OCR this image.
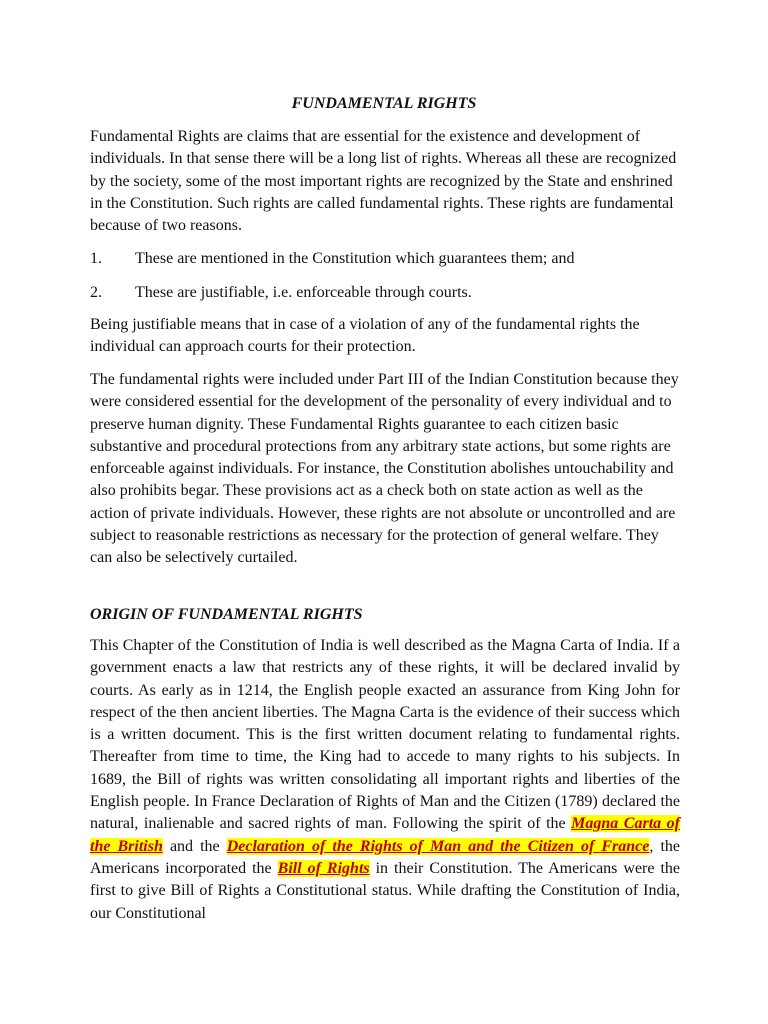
FUNDAMENTAL RIGHTS

Fundamental Rights are claims that are essential for the existence and development of individuals. In that sense there will be a long list of rights. Whereas all these are recognized by the society, some of the most important rights are recognized by the State and enshrined in the Constitution. Such rights are called fundamental rights. These rights are fundamental because of two reasons.

1. These are mentioned in the Constitution which guarantees them; and
2. These are justifiable, i.e. enforceable through courts.

Being justifiable means that in case of a violation of any of the fundamental rights the individual can approach courts for their protection.

The fundamental rights were included under Part III of the Indian Constitution because they were considered essential for the development of the personality of every individual and to preserve human dignity. These Fundamental Rights guarantee to each citizen basic substantive and procedural protections from any arbitrary state actions, but some rights are enforceable against individuals. For instance, the Constitution abolishes untouchability and also prohibits begar. These provisions act as a check both on state action as well as the action of private individuals. However, these rights are not absolute or uncontrolled and are subject to reasonable restrictions as necessary for the protection of general welfare. They can also be selectively curtailed.

ORIGIN OF FUNDAMENTAL RIGHTS

This Chapter of the Constitution of India is well described as the Magna Carta of India. If a government enacts a law that restricts any of these rights, it will be declared invalid by courts. As early as in 1214, the English people exacted an assurance from King John for respect of the then ancient liberties. The Magna Carta is the evidence of their success which is a written document. This is the first written document relating to fundamental rights. Thereafter from time to time, the King had to accede to many rights to his subjects. In 1689, the Bill of rights was written consolidating all important rights and liberties of the English people. In France Declaration of Rights of Man and the Citizen (1789) declared the natural, inalienable and sacred rights of man. Following the spirit of the Magna Carta of the British and the Declaration of the Rights of Man and the Citizen of France, the Americans incorporated the Bill of Rights in their Constitution. The Americans were the first to give Bill of Rights a Constitutional status. While drafting the Constitution of India, our Constitutional
